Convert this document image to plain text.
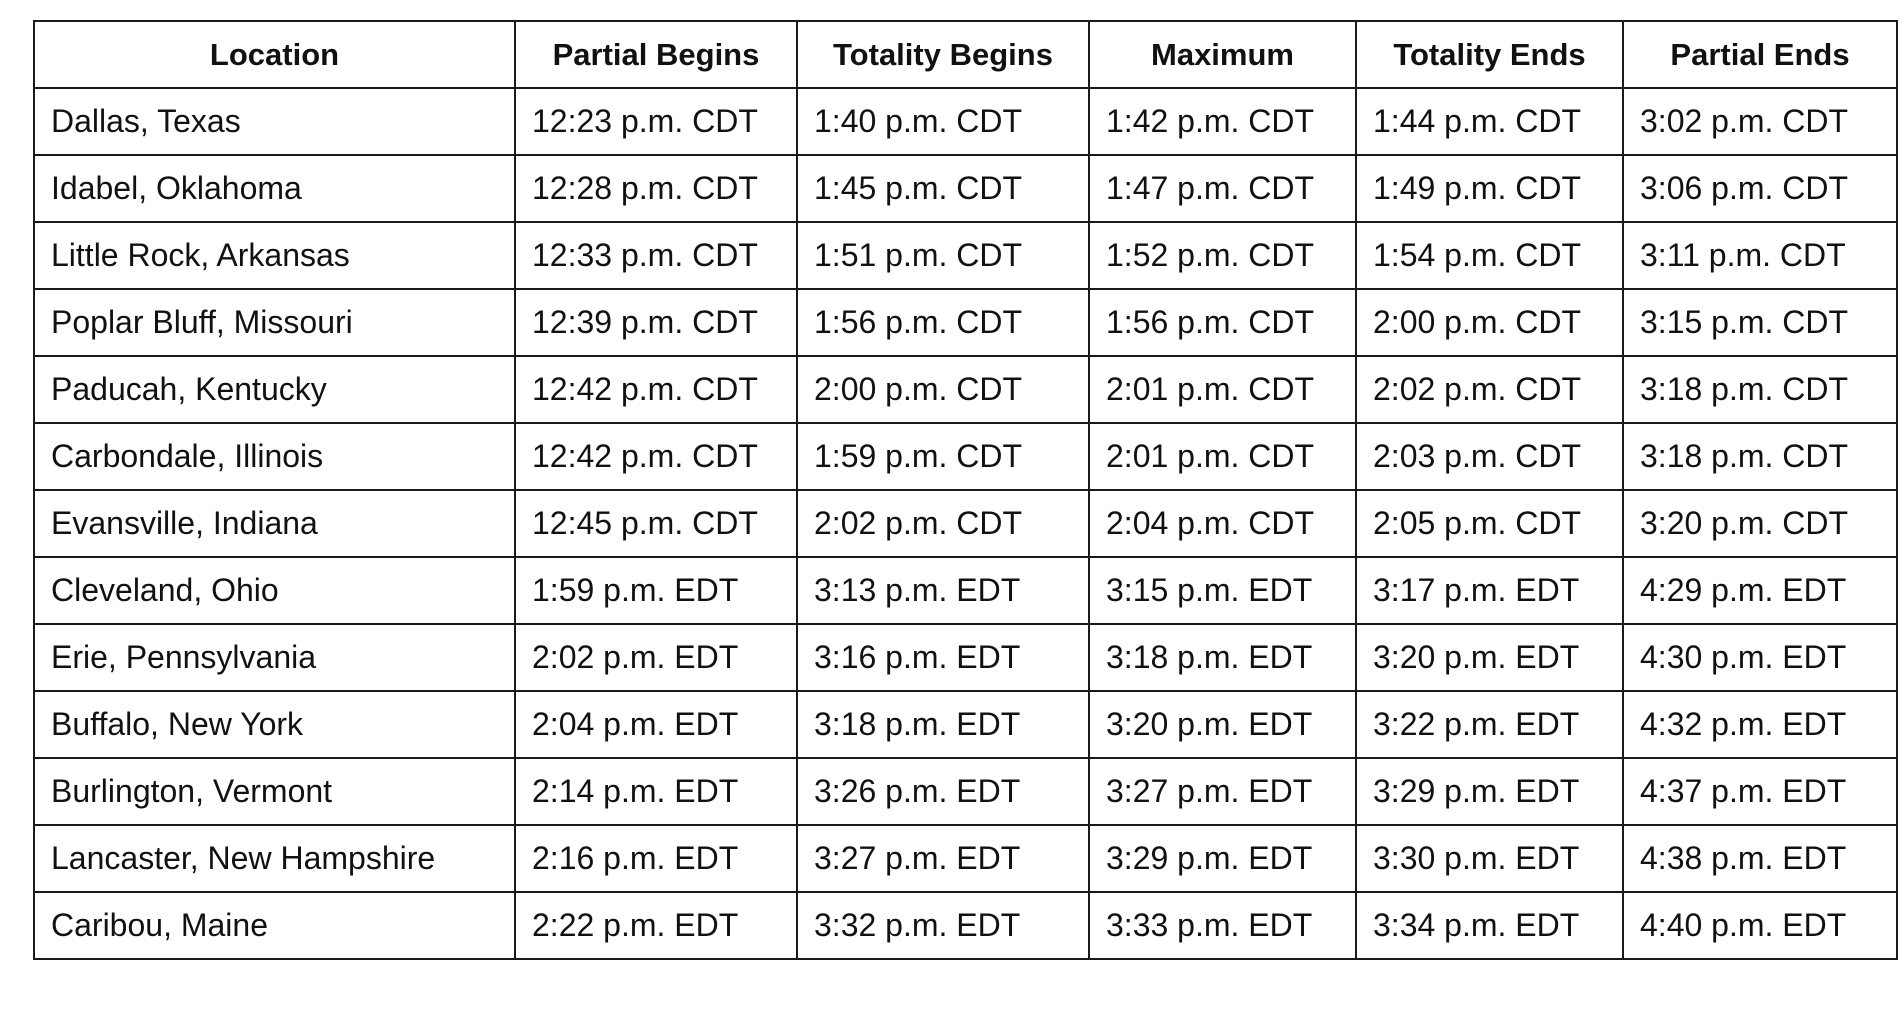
Location	Partial Begins	Totality Begins	Maximum	Totality Ends	Partial Ends
Dallas, Texas	12:23 p.m. CDT	1:40 p.m. CDT	1:42 p.m. CDT	1:44 p.m. CDT	3:02 p.m. CDT
Idabel, Oklahoma	12:28 p.m. CDT	1:45 p.m. CDT	1:47 p.m. CDT	1:49 p.m. CDT	3:06 p.m. CDT
Little Rock, Arkansas	12:33 p.m. CDT	1:51 p.m. CDT	1:52 p.m. CDT	1:54 p.m. CDT	3:11 p.m. CDT
Poplar Bluff, Missouri	12:39 p.m. CDT	1:56 p.m. CDT	1:56 p.m. CDT	2:00 p.m. CDT	3:15 p.m. CDT
Paducah, Kentucky	12:42 p.m. CDT	2:00 p.m. CDT	2:01 p.m. CDT	2:02 p.m. CDT	3:18 p.m. CDT
Carbondale, Illinois	12:42 p.m. CDT	1:59 p.m. CDT	2:01 p.m. CDT	2:03 p.m. CDT	3:18 p.m. CDT
Evansville, Indiana	12:45 p.m. CDT	2:02 p.m. CDT	2:04 p.m. CDT	2:05 p.m. CDT	3:20 p.m. CDT
Cleveland, Ohio	1:59 p.m. EDT	3:13 p.m. EDT	3:15 p.m. EDT	3:17 p.m. EDT	4:29 p.m. EDT
Erie, Pennsylvania	2:02 p.m. EDT	3:16 p.m. EDT	3:18 p.m. EDT	3:20 p.m. EDT	4:30 p.m. EDT
Buffalo, New York	2:04 p.m. EDT	3:18 p.m. EDT	3:20 p.m. EDT	3:22 p.m. EDT	4:32 p.m. EDT
Burlington, Vermont	2:14 p.m. EDT	3:26 p.m. EDT	3:27 p.m. EDT	3:29 p.m. EDT	4:37 p.m. EDT
Lancaster, New Hampshire	2:16 p.m. EDT	3:27 p.m. EDT	3:29 p.m. EDT	3:30 p.m. EDT	4:38 p.m. EDT
Caribou, Maine	2:22 p.m. EDT	3:32 p.m. EDT	3:33 p.m. EDT	3:34 p.m. EDT	4:40 p.m. EDT
